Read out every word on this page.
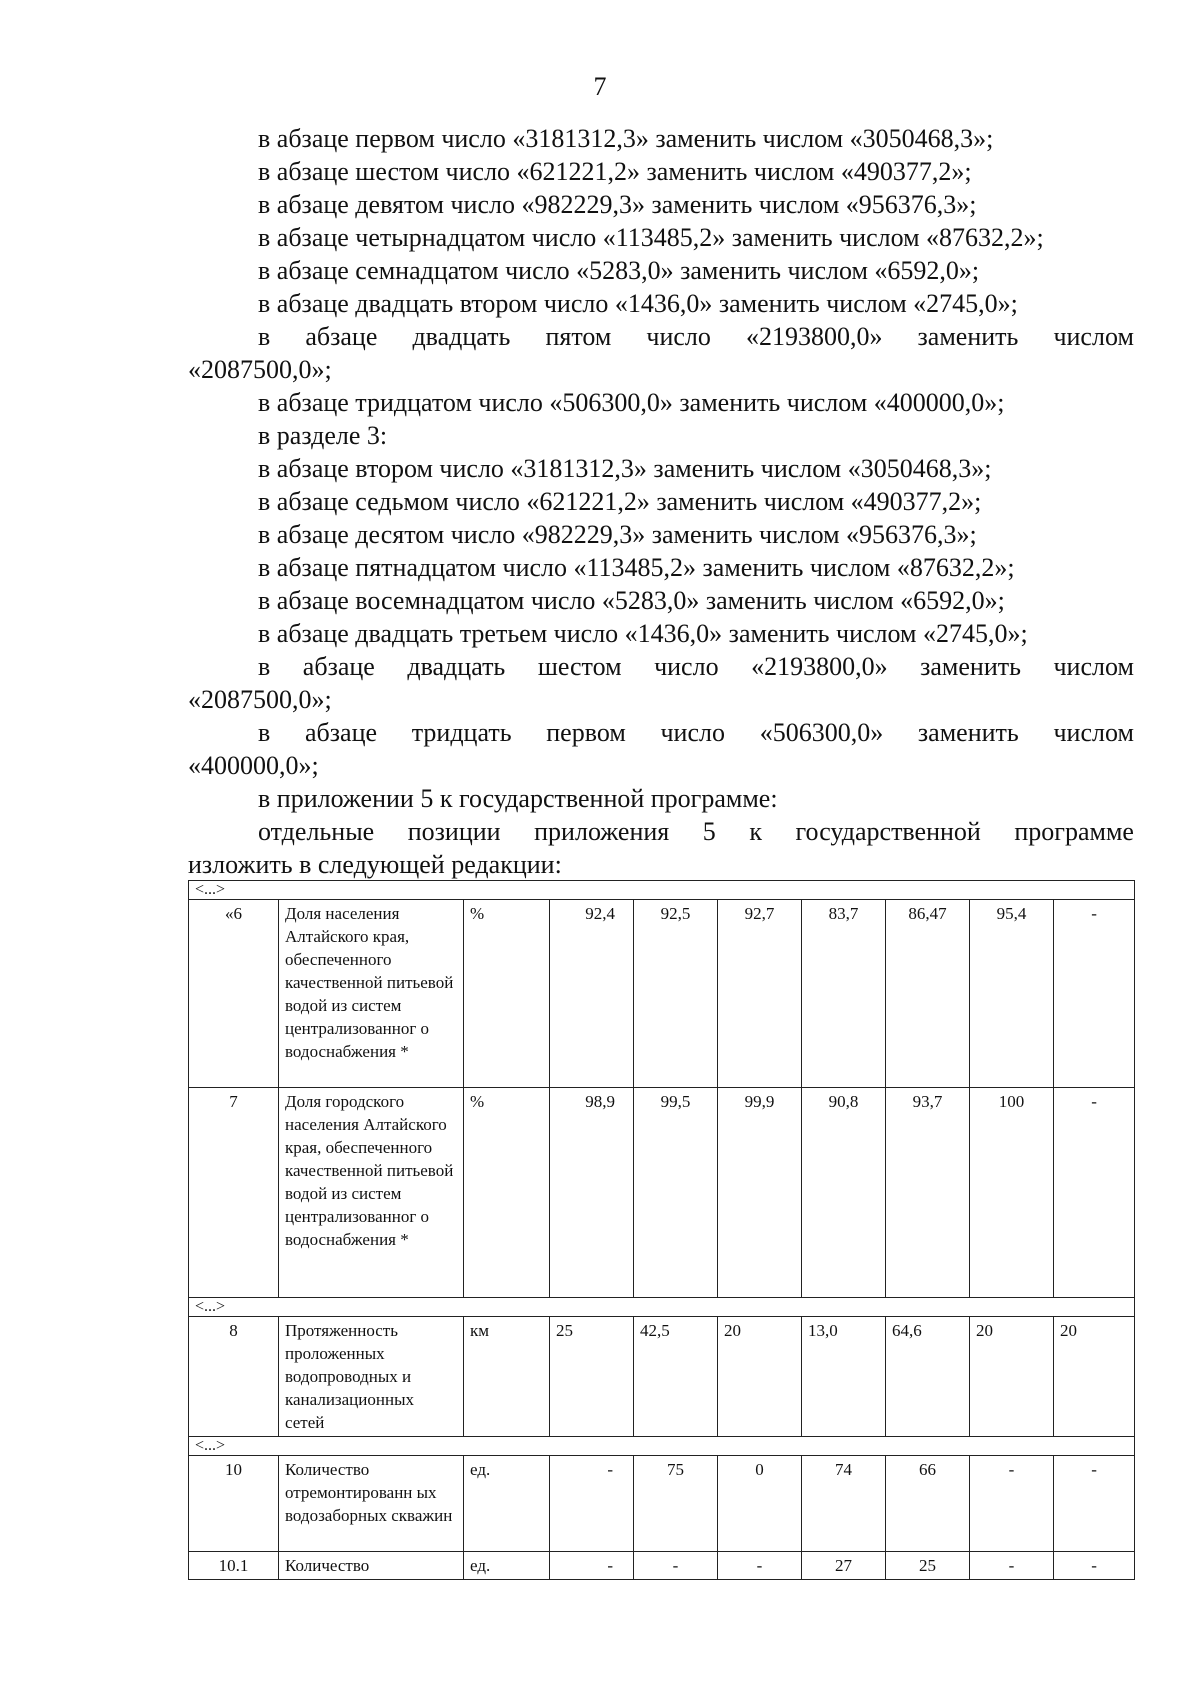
7
в абзаце первом число «3181312,3» заменить числом «3050468,3»;
в абзаце шестом число «621221,2» заменить числом «490377,2»;
в абзаце девятом число «982229,3» заменить числом «956376,3»;
в абзаце четырнадцатом число «113485,2» заменить числом «87632,2»;
в абзаце семнадцатом число «5283,0» заменить числом «6592,0»;
в абзаце двадцать втором число «1436,0» заменить числом «2745,0»;
в абзаце двадцать пятом число «2193800,0» заменить числом
«2087500,0»;
в абзаце тридцатом число «506300,0» заменить числом «400000,0»;
в разделе 3:
в абзаце втором число «3181312,3» заменить числом «3050468,3»;
в абзаце седьмом число «621221,2» заменить числом «490377,2»;
в абзаце десятом число «982229,3» заменить числом «956376,3»;
в абзаце пятнадцатом число «113485,2» заменить числом «87632,2»;
в абзаце восемнадцатом число «5283,0» заменить числом «6592,0»;
в абзаце двадцать третьем число «1436,0» заменить числом «2745,0»;
в абзаце двадцать шестом число «2193800,0» заменить числом
«2087500,0»;
в абзаце тридцать первом число «506300,0» заменить числом
«400000,0»;
в приложении 5 к государственной программе:
отдельные позиции приложения 5 к государственной программе
изложить в следующей редакции:
<...>									
«6	Доля населения Алтайского края, обеспеченного качественной питьевой водой из систем централизованног о водоснабжения *	%	92,4	92,5	92,7	83,7	86,47	95,4	-
7	Доля городского населения Алтайского края, обеспеченного качественной питьевой водой из систем централизованног о водоснабжения *	%	98,9	99,5	99,9	90,8	93,7	100	-
<...>									
8	Протяженность проложенных водопроводных и канализационных сетей	км	25	42,5	20	13,0	64,6	20	20
<...>									
10	Количество отремонтированн ых водозаборных скважин	ед.	-	75	0	74	66	-	-
10.1	Количество	ед.	-	-	-	27	25	-	-
